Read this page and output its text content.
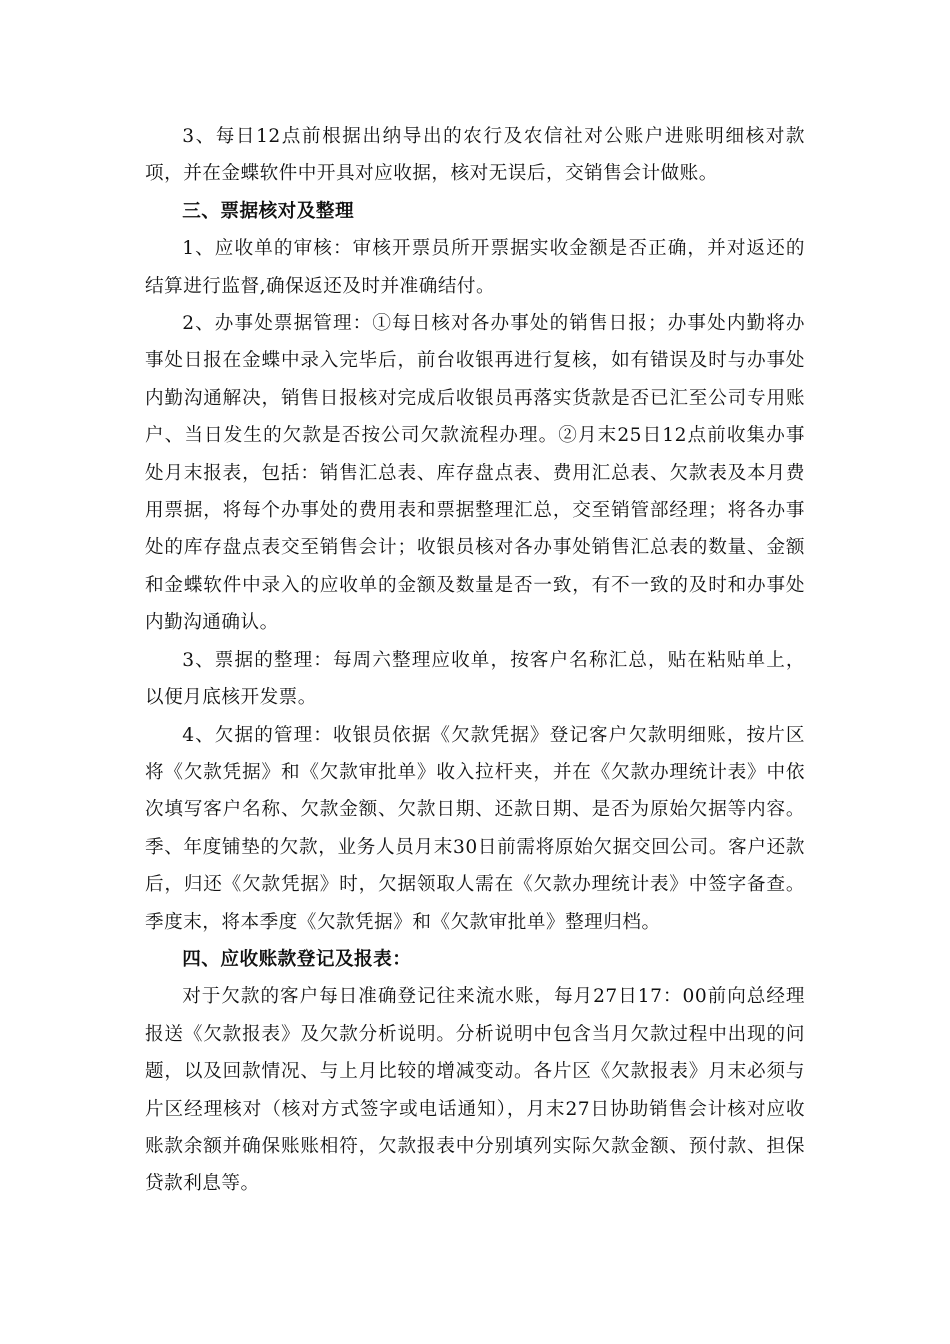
3、每日12点前根据出纳导出的农行及农信社对公账户进账明细核对款项，并在金蝶软件中开具对应收据，核对无误后，交销售会计做账。

三、票据核对及整理

1、应收单的审核：审核开票员所开票据实收金额是否正确，并对返还的结算进行监督,确保返还及时并准确结付。

2、办事处票据管理：①每日核对各办事处的销售日报；办事处内勤将办事处日报在金蝶中录入完毕后，前台收银再进行复核，如有错误及时与办事处内勤沟通解决，销售日报核对完成后收银员再落实货款是否已汇至公司专用账户、当日发生的欠款是否按公司欠款流程办理。②月末25日12点前收集办事处月末报表，包括：销售汇总表、库存盘点表、费用汇总表、欠款表及本月费用票据，将每个办事处的费用表和票据整理汇总，交至销管部经理；将各办事处的库存盘点表交至销售会计；收银员核对各办事处销售汇总表的数量、金额和金蝶软件中录入的应收单的金额及数量是否一致，有不一致的及时和办事处内勤沟通确认。

3、票据的整理：每周六整理应收单，按客户名称汇总，贴在粘贴单上，以便月底核开发票。

4、欠据的管理：收银员依据《欠款凭据》登记客户欠款明细账，按片区将《欠款凭据》和《欠款审批单》收入拉杆夹，并在《欠款办理统计表》中依次填写客户名称、欠款金额、欠款日期、还款日期、是否为原始欠据等内容。季、年度铺垫的欠款，业务人员月末30日前需将原始欠据交回公司。客户还款后，归还《欠款凭据》时，欠据领取人需在《欠款办理统计表》中签字备查。季度末，将本季度《欠款凭据》和《欠款审批单》整理归档。

四、应收账款登记及报表：

对于欠款的客户每日准确登记往来流水账，每月27日17：00前向总经理报送《欠款报表》及欠款分析说明。分析说明中包含当月欠款过程中出现的问题，以及回款情况、与上月比较的增减变动。各片区《欠款报表》月末必须与片区经理核对（核对方式签字或电话通知），月末27日协助销售会计核对应收账款余额并确保账账相符，欠款报表中分别填列实际欠款金额、预付款、担保贷款利息等。
